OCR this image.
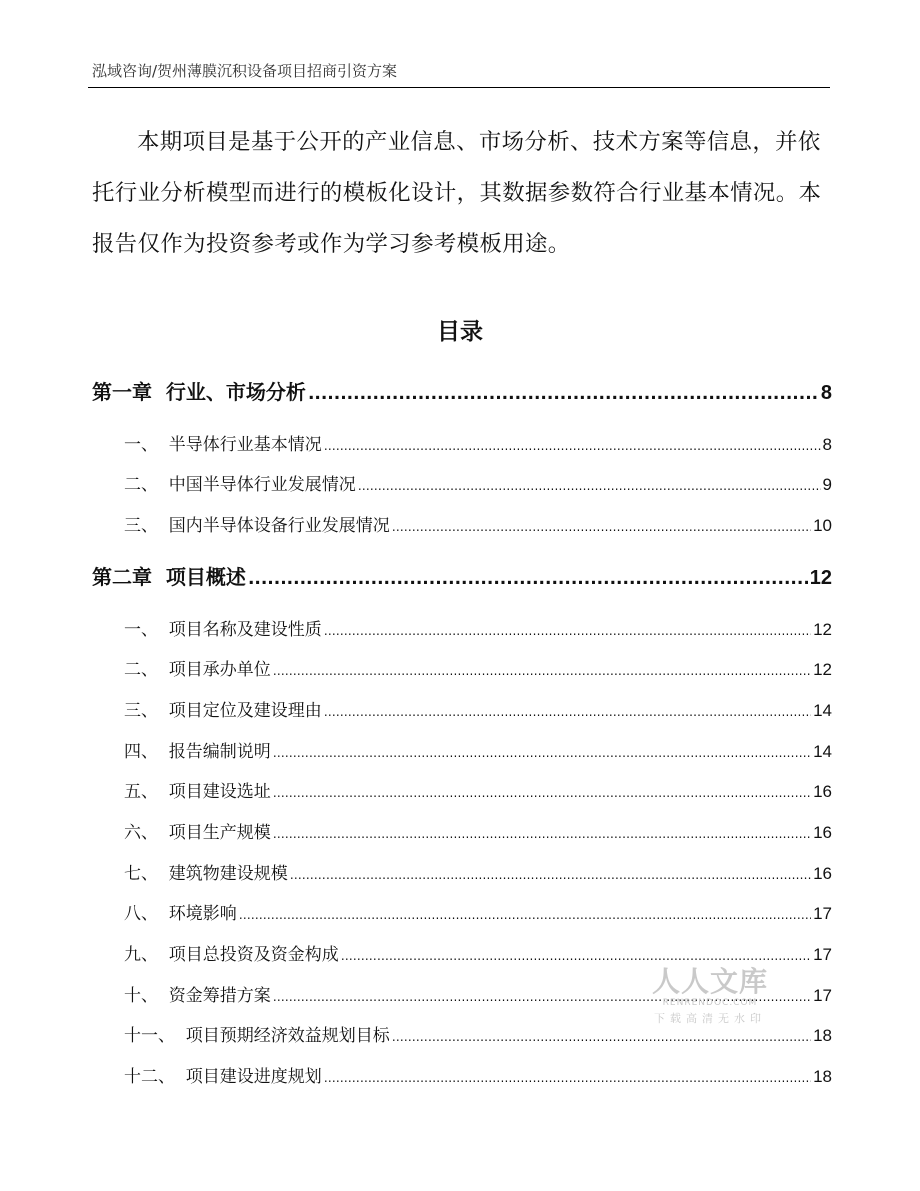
泓域咨询/贺州薄膜沉积设备项目招商引资方案

本期项目是基于公开的产业信息、市场分析、技术方案等信息，并依托行业分析模型而进行的模板化设计，其数据参数符合行业基本情况。本报告仅作为投资参考或作为学习参考模板用途。

目录
第一章  行业、市场分析 .....	8
一、  半导体行业基本情况 .....	8
二、  中国半导体行业发展情况 .....	9
三、  国内半导体设备行业发展情况 .....	10
第二章  项目概述 .....	12
一、  项目名称及建设性质 .....	12
二、  项目承办单位 .....	12
三、  项目定位及建设理由 .....	14
四、  报告编制说明 .....	14
五、  项目建设选址 .....	16
六、  项目生产规模 .....	16
七、  建筑物建设规模 .....	16
八、  环境影响 .....	17
九、  项目总投资及资金构成 .....	17
十、  资金筹措方案 .....	17
十一、  项目预期经济效益规划目标 .....	18
十二、  项目建设进度规划 .....	18
人人文库
RENRENDOC.COM
下载高清无水印
